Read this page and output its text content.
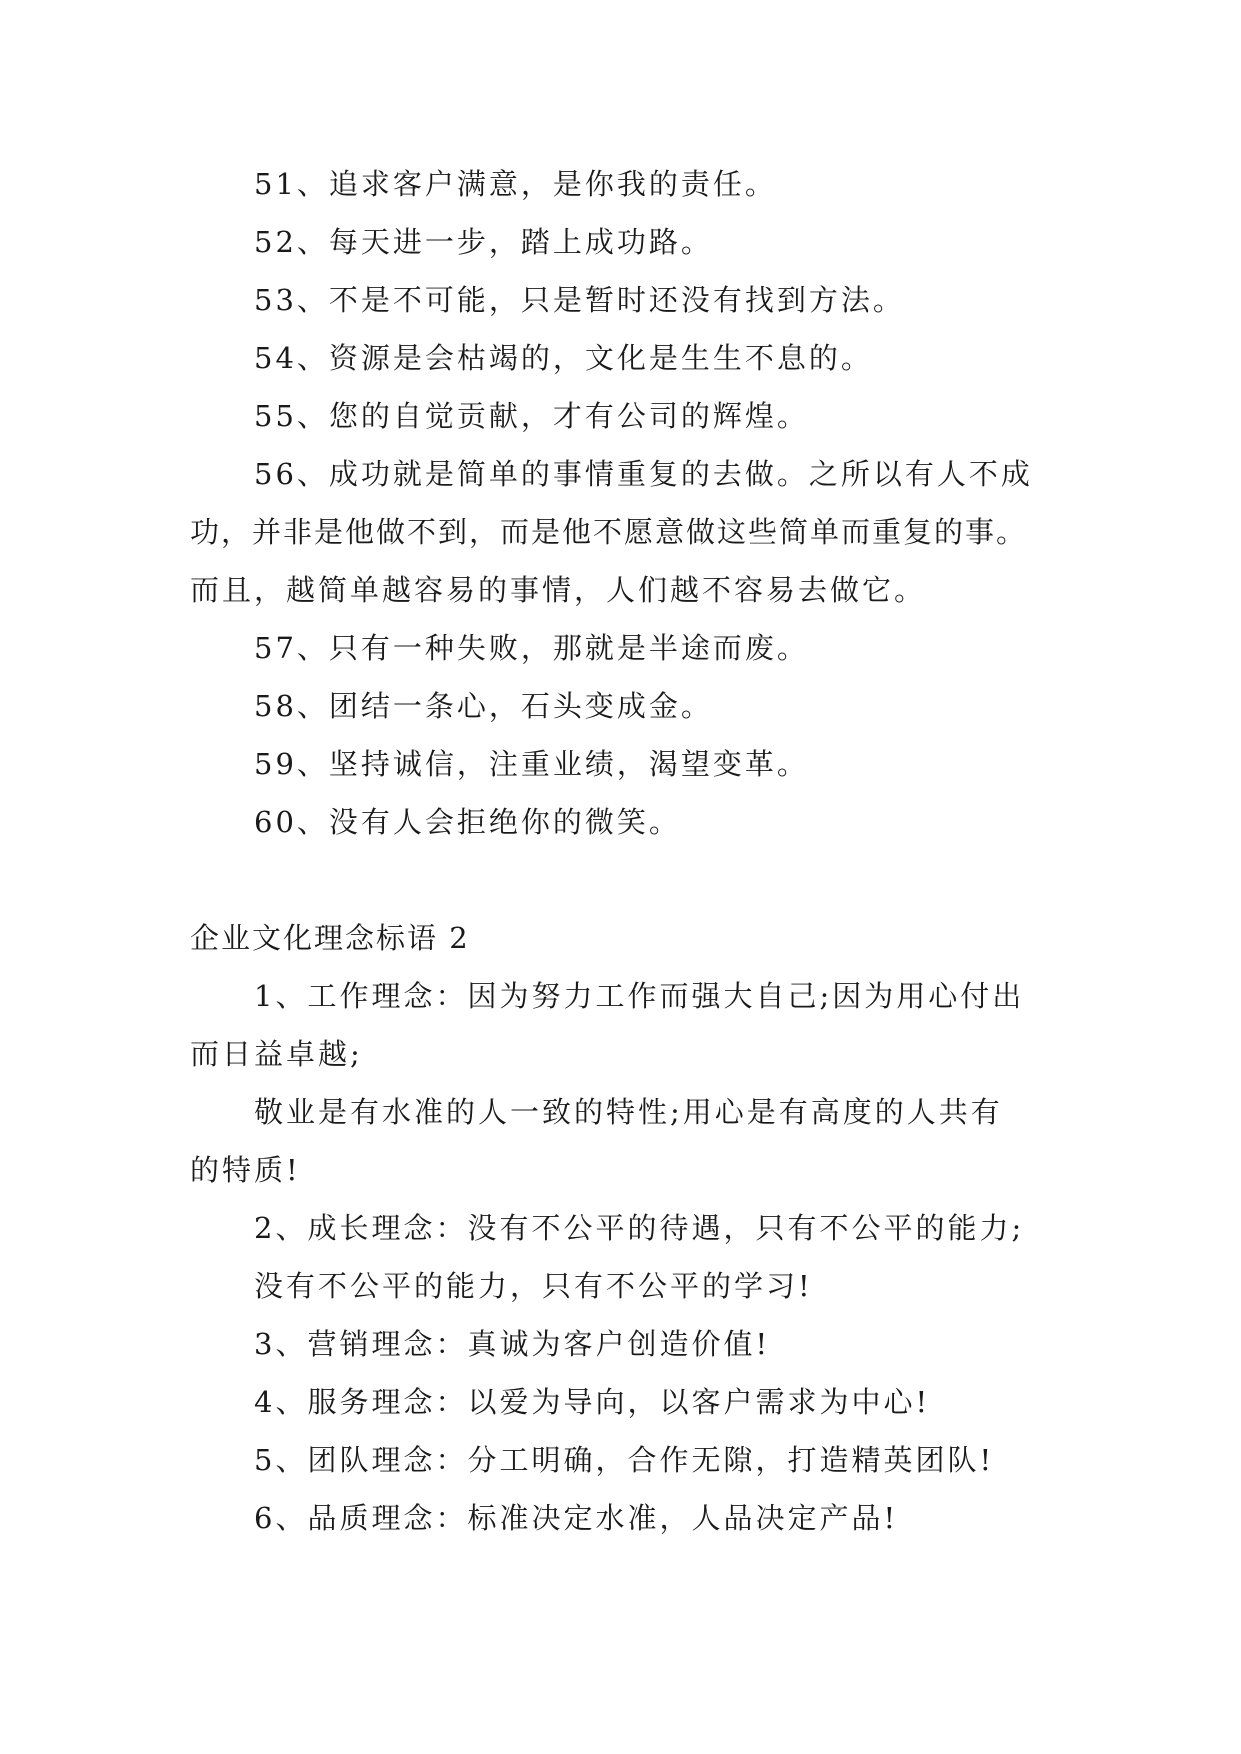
51、追求客户满意，是你我的责任。
52、每天进一步，踏上成功路。
53、不是不可能，只是暂时还没有找到方法。
54、资源是会枯竭的，文化是生生不息的。
55、您的自觉贡献，才有公司的辉煌。
56、成功就是简单的事情重复的去做。之所以有人不成
功，并非是他做不到，而是他不愿意做这些简单而重复的事。
而且，越简单越容易的事情，人们越不容易去做它。
57、只有一种失败，那就是半途而废。
58、团结一条心，石头变成金。
59、坚持诚信，注重业绩，渴望变革。
60、没有人会拒绝你的微笑。
企业文化理念标语 2
1、工作理念：因为努力工作而强大自己;因为用心付出
而日益卓越;
敬业是有水准的人一致的特性;用心是有高度的人共有
的特质!
2、成长理念：没有不公平的待遇，只有不公平的能力;
没有不公平的能力，只有不公平的学习!
3、营销理念：真诚为客户创造价值!
4、服务理念：以爱为导向，以客户需求为中心!
5、团队理念：分工明确，合作无隙，打造精英团队!
6、品质理念：标准决定水准，人品决定产品!
